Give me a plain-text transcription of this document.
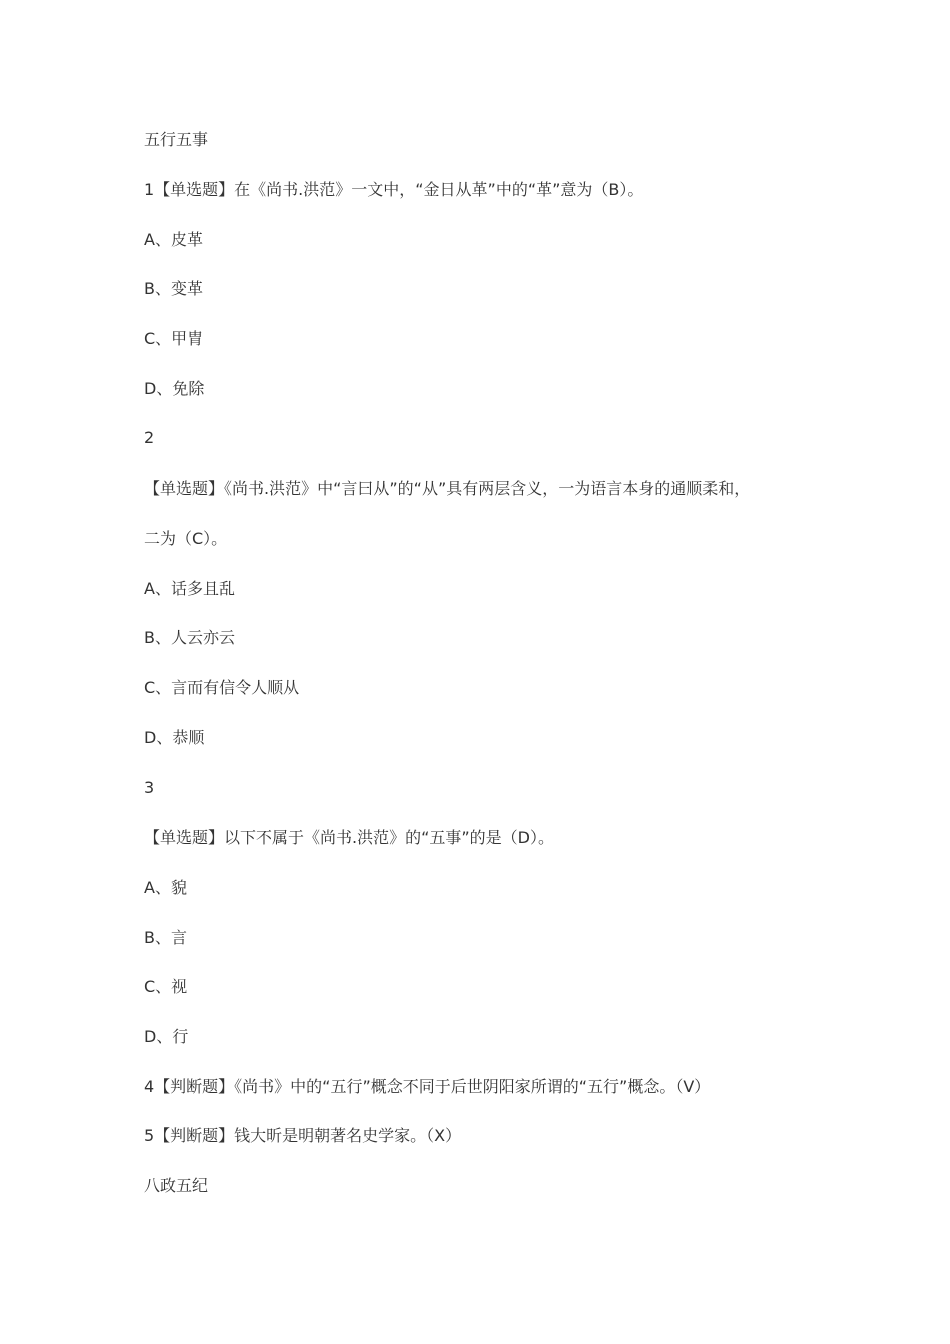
五行五事
1【单选题】在《尚书.洪范》一文中，“金日从革”中的“革”意为（B）。
A、皮革
B、变革
C、甲胄
D、免除
2
【单选题】《尚书.洪范》中“言曰从”的“从”具有两层含义，一为语言本身的通顺柔和，
二为（C）。
A、话多且乱
B、人云亦云
C、言而有信令人顺从
D、恭顺
3
【单选题】以下不属于《尚书.洪范》的“五事”的是（D）。
A、貌
B、言
C、视
D、行
4【判断题】《尚书》中的“五行”概念不同于后世阴阳家所谓的“五行”概念。（V）
5【判断题】钱大昕是明朝著名史学家。（X）
八政五纪
